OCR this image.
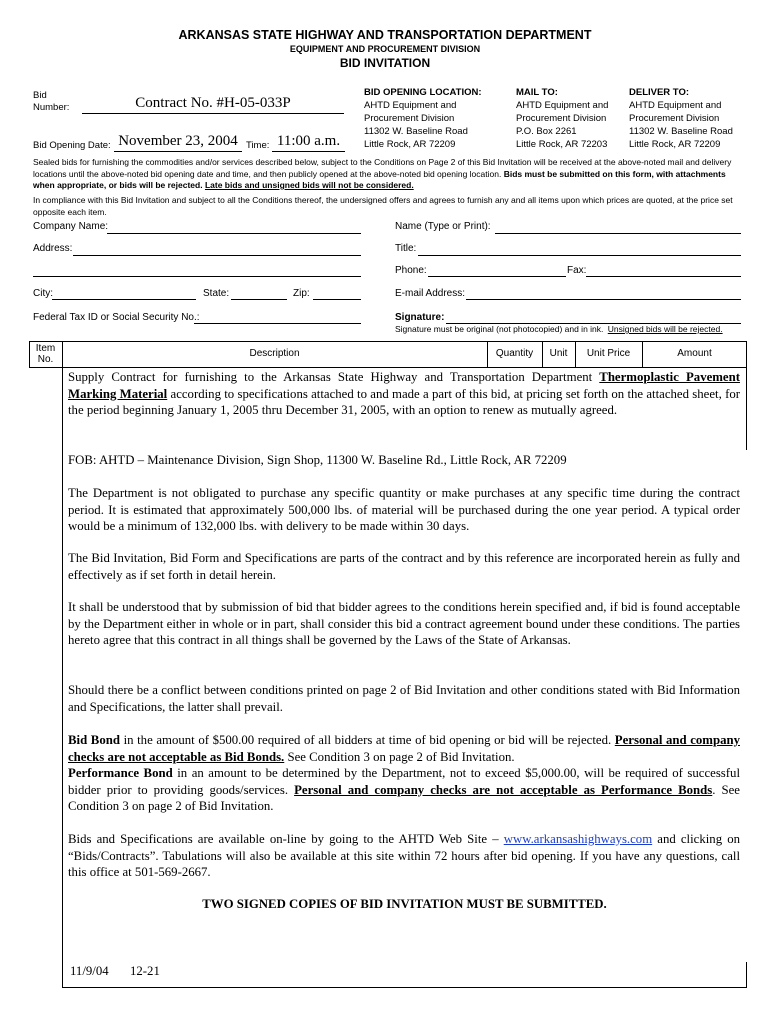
ARKANSAS STATE HIGHWAY AND TRANSPORTATION DEPARTMENT
EQUIPMENT AND PROCUREMENT DIVISION
BID INVITATION
Bid
Number:	Contract No. #H-05-033P
Bid Opening Date: November 23, 2004 Time: 11:00 a.m.
BID OPENING LOCATION:
AHTD Equipment and
Procurement Division
11302 W. Baseline Road
Little Rock, AR 72209
MAIL TO:
AHTD Equipment and
Procurement Division
P.O. Box 2261
Little Rock, AR 72203
DELIVER TO:
AHTD Equipment and
Procurement Division
11302 W. Baseline Road
Little Rock, AR 72209
Sealed bids for furnishing the commodities and/or services described below, subject to the Conditions on Page 2 of this Bid Invitation will be received at the above-noted mail and delivery locations until the above-noted bid opening date and time, and then publicly opened at the above-noted bid opening location. Bids must be submitted on this form, with attachments when appropriate, or bids will be rejected. Late bids and unsigned bids will not be considered.
In compliance with this Bid Invitation and subject to all the Conditions thereof, the undersigned offers and agrees to furnish any and all items upon which prices are quoted, at the price set opposite each item.
Company Name:	Name (Type or Print):
Address:	Title:
Phone:	Fax:
City:	State:	Zip:	E-mail Address:
Federal Tax ID or Social Security No.:	Signature:
Signature must be original (not photocopied) and in ink. Unsigned bids will be rejected.
Item
No.
Description	Quantity	Unit	Unit Price	Amount
Supply Contract for furnishing to the Arkansas State Highway and Transportation Department Thermoplastic Pavement Marking Material according to specifications attached to and made a part of this bid, at pricing set forth on the attached sheet, for the period beginning January 1, 2005 thru December 31, 2005, with an option to renew as mutually agreed.
FOB: AHTD – Maintenance Division, Sign Shop, 11300 W. Baseline Rd., Little Rock, AR 72209
The Department is not obligated to purchase any specific quantity or make purchases at any specific time during the contract period. It is estimated that approximately 500,000 lbs. of material will be purchased during the one year period. A typical order would be a minimum of 132,000 lbs. with delivery to be made within 30 days.
The Bid Invitation, Bid Form and Specifications are parts of the contract and by this reference are incorporated herein as fully and effectively as if set forth in detail herein.
It shall be understood that by submission of bid that bidder agrees to the conditions herein specified and, if bid is found acceptable by the Department either in whole or in part, shall consider this bid a contract agreement bound under these conditions. The parties hereto agree that this contract in all things shall be governed by the Laws of the State of Arkansas.
Should there be a conflict between conditions printed on page 2 of Bid Invitation and other conditions stated with Bid Information and Specifications, the latter shall prevail.
Bid Bond in the amount of $500.00 required of all bidders at time of bid opening or bid will be rejected. Personal and company checks are not acceptable as Bid Bonds. See Condition 3 on page 2 of Bid Invitation.
Performance Bond in an amount to be determined by the Department, not to exceed $5,000.00, will be required of successful bidder prior to providing goods/services. Personal and company checks are not acceptable as Performance Bonds. See Condition 3 on page 2 of Bid Invitation.
Bids and Specifications are available on-line by going to the AHTD Web Site – www.arkansashighways.com and clicking on “Bids/Contracts”. Tabulations will also be available at this site within 72 hours after bid opening. If you have any questions, call this office at 501-569-2667.
TWO SIGNED COPIES OF BID INVITATION MUST BE SUBMITTED.
11/9/04 12-21
